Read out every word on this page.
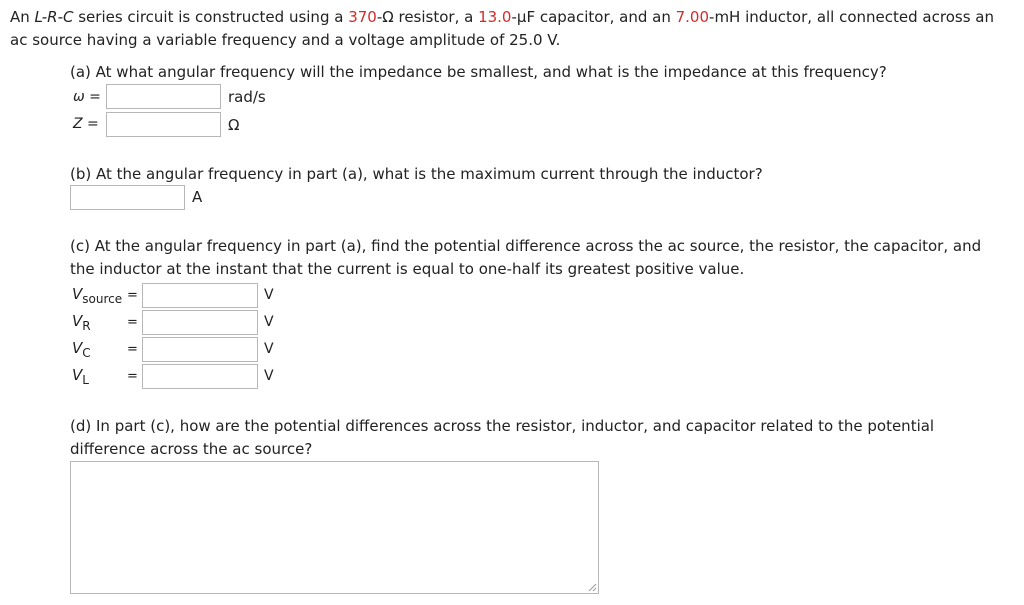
An L-R-C series circuit is constructed using a 370-Ω resistor, a 13.0-μF capacitor, and an 7.00-mH inductor, all connected across an
ac source having a variable frequency and a voltage amplitude of 25.0 V.
(a) At what angular frequency will the impedance be smallest, and what is the impedance at this frequency?
ω =	rad/s
Z =	Ω
(b) At the angular frequency in part (a), what is the maximum current through the inductor?
A
(c) At the angular frequency in part (a), find the potential difference across the ac source, the resistor, the capacitor, and
the inductor at the instant that the current is equal to one-half its greatest positive value.
$V_{source}$ =	V
$V_R$	=	V
$V_C$	=	V
$V_L$	=	V
(d) In part (c), how are the potential differences across the resistor, inductor, and capacitor related to the potential
difference across the ac source?
